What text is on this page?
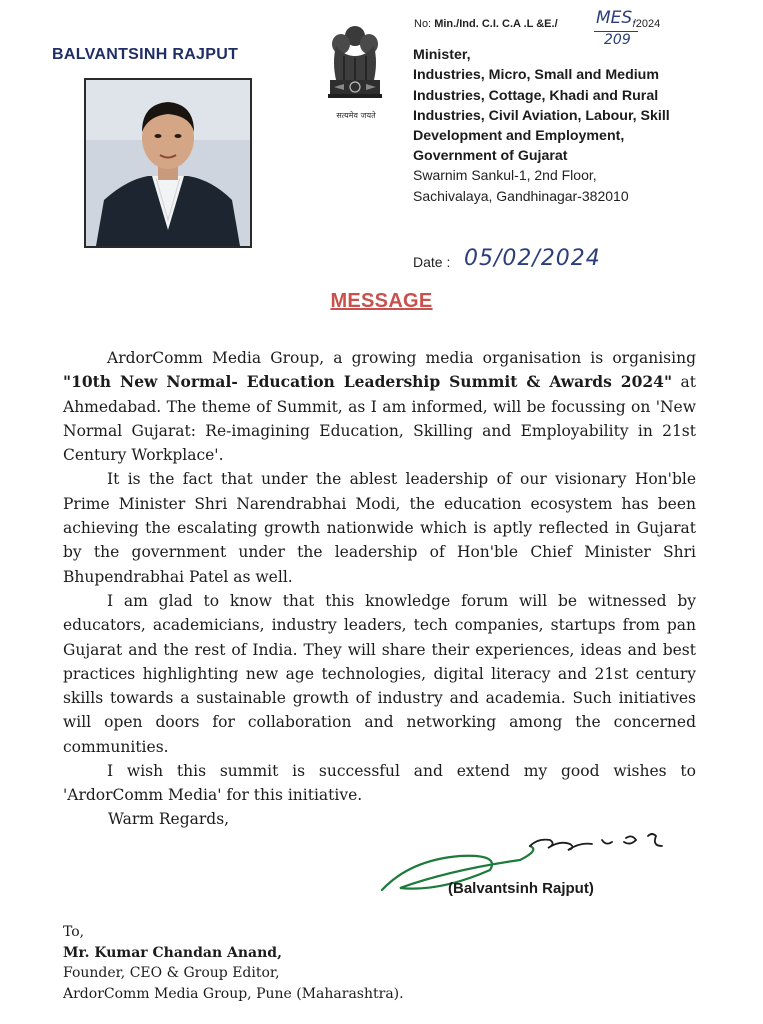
BALVANTSINH RAJPUT
सत्यमेव जयते
No: Min./Ind. C.I. C.A .L &E./	/2024
MES.
209
Minister,
Industries, Micro, Small and Medium
Industries, Cottage, Khadi and Rural
Industries, Civil Aviation, Labour, Skill
Development and Employment,
Government of Gujarat
Swarnim Sankul-1, 2nd Floor,
Sachivalaya, Gandhinagar-382010
Date : 05/02/2024
MESSAGE

ArdorComm Media Group, a growing media organisation is organising "10th New Normal- Education Leadership Summit & Awards 2024" at Ahmedabad. The theme of Summit, as I am informed, will be focussing on 'New Normal Gujarat: Re-imagining Education, Skilling and Employability in 21st Century Workplace'.

It is the fact that under the ablest leadership of our visionary Hon'ble Prime Minister Shri Narendrabhai Modi, the education ecosystem has been achieving the escalating growth nationwide which is aptly reflected in Gujarat by the government under the leadership of Hon'ble Chief Minister Shri Bhupendrabhai Patel as well.

I am glad to know that this knowledge forum will be witnessed by educators, academicians, industry leaders, tech companies, startups from pan Gujarat and the rest of India. They will share their experiences, ideas and best practices highlighting new age technologies, digital literacy and 21st century skills towards a sustainable growth of industry and academia. Such initiatives will open doors for collaboration and networking among the concerned communities.

I wish this summit is successful and extend my good wishes to 'ArdorComm Media' for this initiative.

Warm Regards,
(Balvantsinh Rajput)
To,
Mr. Kumar Chandan Anand,
Founder, CEO & Group Editor,
ArdorComm Media Group, Pune (Maharashtra).
